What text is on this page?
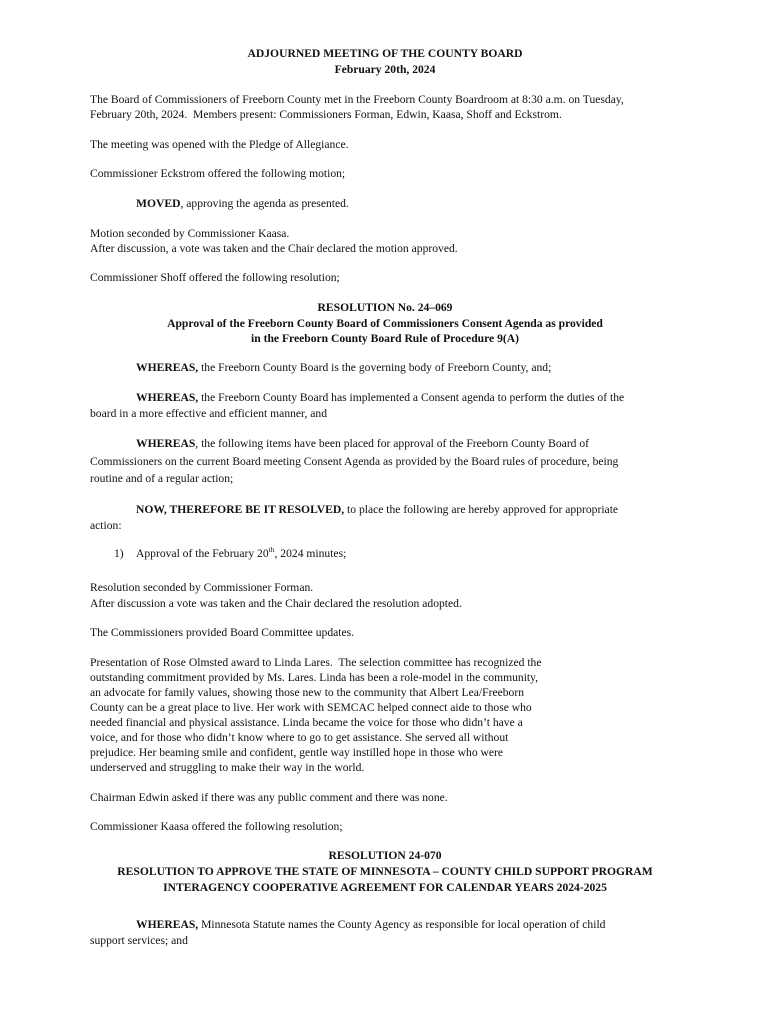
ADJOURNED MEETING OF THE COUNTY BOARD
February 20th, 2024
The Board of Commissioners of Freeborn County met in the Freeborn County Boardroom at 8:30 a.m. on Tuesday,
February 20th, 2024.  Members present: Commissioners Forman, Edwin, Kaasa, Shoff and Eckstrom.
The meeting was opened with the Pledge of Allegiance.
Commissioner Eckstrom offered the following motion;
MOVED, approving the agenda as presented.
Motion seconded by Commissioner Kaasa.
After discussion, a vote was taken and the Chair declared the motion approved.
Commissioner Shoff offered the following resolution;
RESOLUTION No. 24–069
Approval of the Freeborn County Board of Commissioners Consent Agenda as provided
in the Freeborn County Board Rule of Procedure 9(A)
WHEREAS, the Freeborn County Board is the governing body of Freeborn County, and;
WHEREAS, the Freeborn County Board has implemented a Consent agenda to perform the duties of the
board in a more effective and efficient manner, and
WHEREAS, the following items have been placed for approval of the Freeborn County Board of
Commissioners on the current Board meeting Consent Agenda as provided by the Board rules of procedure, being
routine and of a regular action;
NOW, THEREFORE BE IT RESOLVED, to place the following are hereby approved for appropriate
action:
1) Approval of the February 20th, 2024 minutes;
Resolution seconded by Commissioner Forman.
After discussion a vote was taken and the Chair declared the resolution adopted.
The Commissioners provided Board Committee updates.
Presentation of Rose Olmsted award to Linda Lares.  The selection committee has recognized the
outstanding commitment provided by Ms. Lares. Linda has been a role-model in the community,
an advocate for family values, showing those new to the community that Albert Lea/Freeborn
County can be a great place to live. Her work with SEMCAC helped connect aide to those who
needed financial and physical assistance. Linda became the voice for those who didn’t have a
voice, and for those who didn’t know where to go to get assistance. She served all without
prejudice. Her beaming smile and confident, gentle way instilled hope in those who were
underserved and struggling to make their way in the world.
Chairman Edwin asked if there was any public comment and there was none.
Commissioner Kaasa offered the following resolution;
RESOLUTION 24-070
RESOLUTION TO APPROVE THE STATE OF MINNESOTA – COUNTY CHILD SUPPORT PROGRAM
INTERAGENCY COOPERATIVE AGREEMENT FOR CALENDAR YEARS 2024-2025
WHEREAS, Minnesota Statute names the County Agency as responsible for local operation of child
support services; and
